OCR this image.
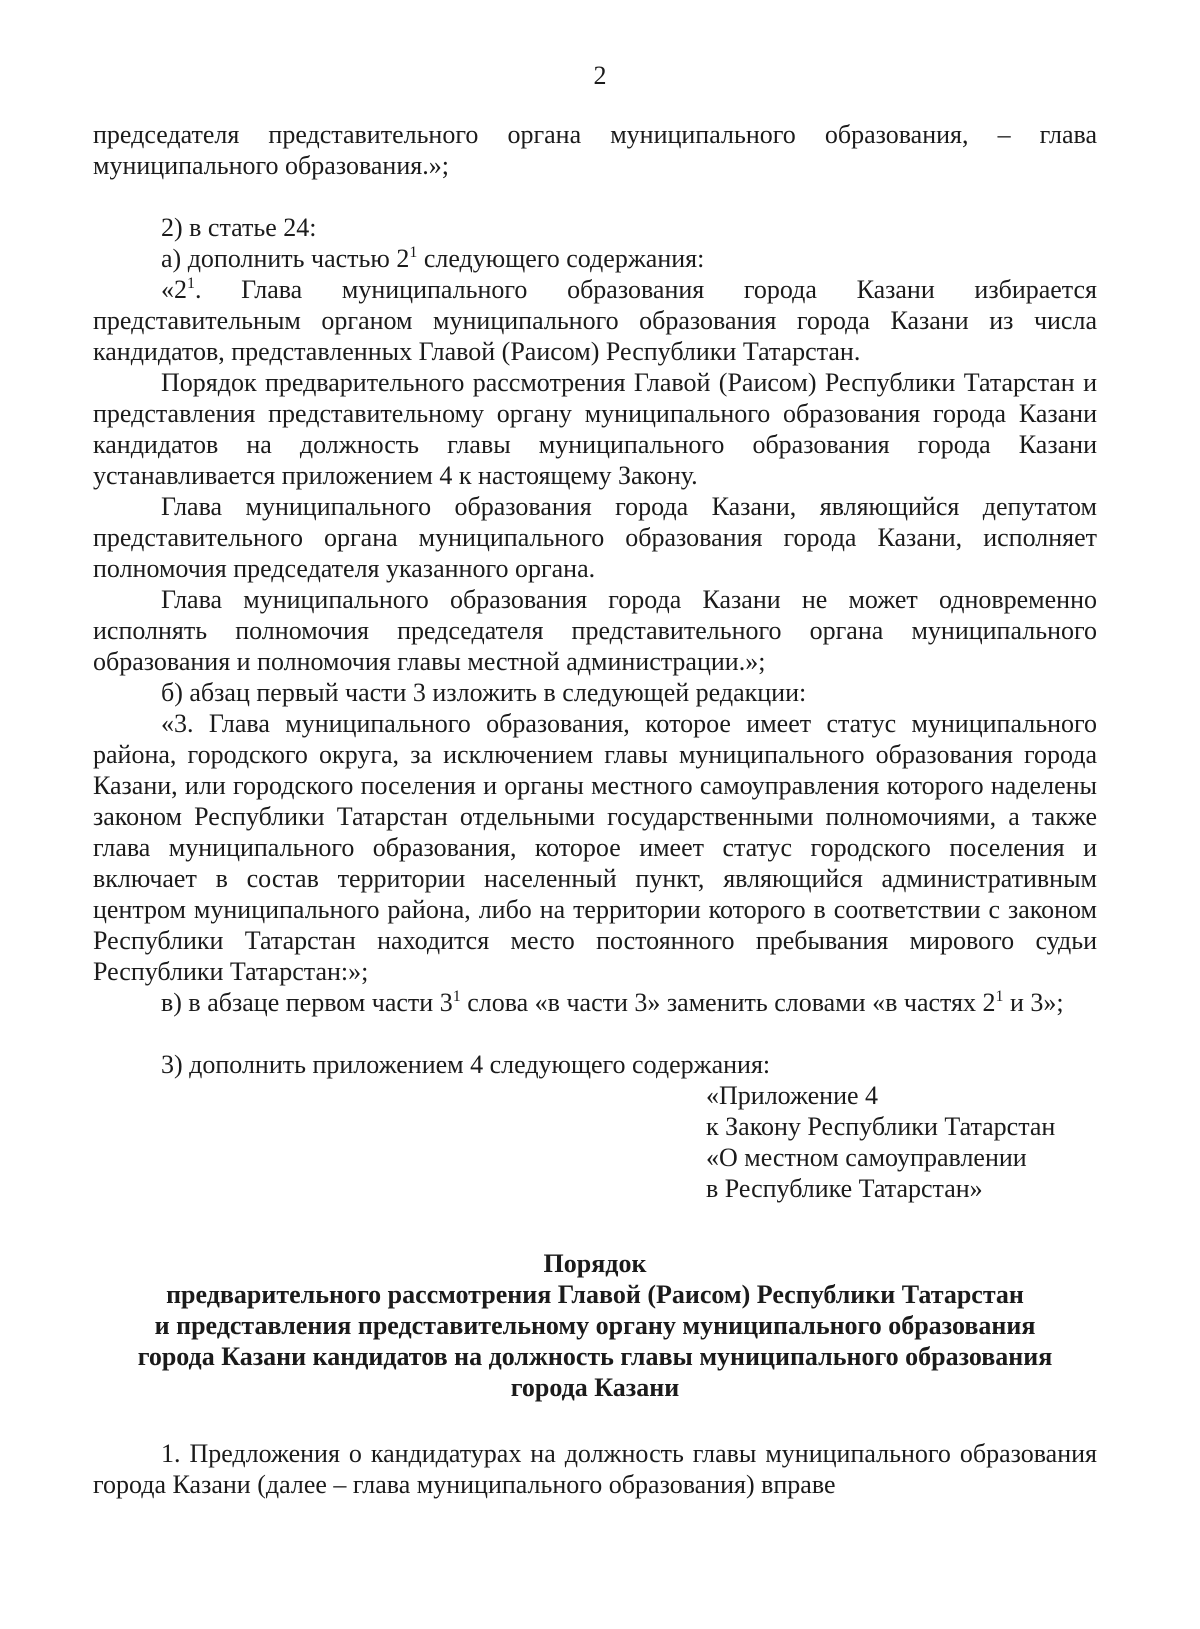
2

председателя представительного органа муниципального образования, – глава муниципального образования.»;

2) в статье 24:

а) дополнить частью $2^1$ следующего содержания:

«$2^1$. Глава муниципального образования города Казани избирается представительным органом муниципального образования города Казани из числа кандидатов, представленных Главой (Раисом) Республики Татарстан.

Порядок предварительного рассмотрения Главой (Раисом) Республики Татарстан и представления представительному органу муниципального образования города Казани кандидатов на должность главы муниципального образования города Казани устанавливается приложением 4 к настоящему Закону.

Глава муниципального образования города Казани, являющийся депутатом представительного органа муниципального образования города Казани, исполняет полномочия председателя указанного органа.

Глава муниципального образования города Казани не может одновременно исполнять полномочия председателя представительного органа муниципального образования и полномочия главы местной администрации.»;

б) абзац первый части 3 изложить в следующей редакции:

«3. Глава муниципального образования, которое имеет статус муниципального района, городского округа, за исключением главы муниципального образования города Казани, или городского поселения и органы местного самоуправления которого наделены законом Республики Татарстан отдельными государственными полномочиями, а также глава муниципального образования, которое имеет статус городского поселения и включает в состав территории населенный пункт, являющийся административным центром муниципального района, либо на территории которого в соответствии с законом Республики Татарстан находится место постоянного пребывания мирового судьи Республики Татарстан:»;

в) в абзаце первом части $3^1$ слова «в части 3» заменить словами «в частях $2^1$ и 3»;

3) дополнить приложением 4 следующего содержания:

«Приложение 4
к Закону Республики Татарстан
«О местном самоуправлении
в Республике Татарстан»
Порядок
предварительного рассмотрения Главой (Раисом) Республики Татарстан
и представления представительному органу муниципального образования
города Казани кандидатов на должность главы муниципального образования
города Казани

1. Предложения о кандидатурах на должность главы муниципального образования города Казани (далее – глава муниципального образования) вправе
